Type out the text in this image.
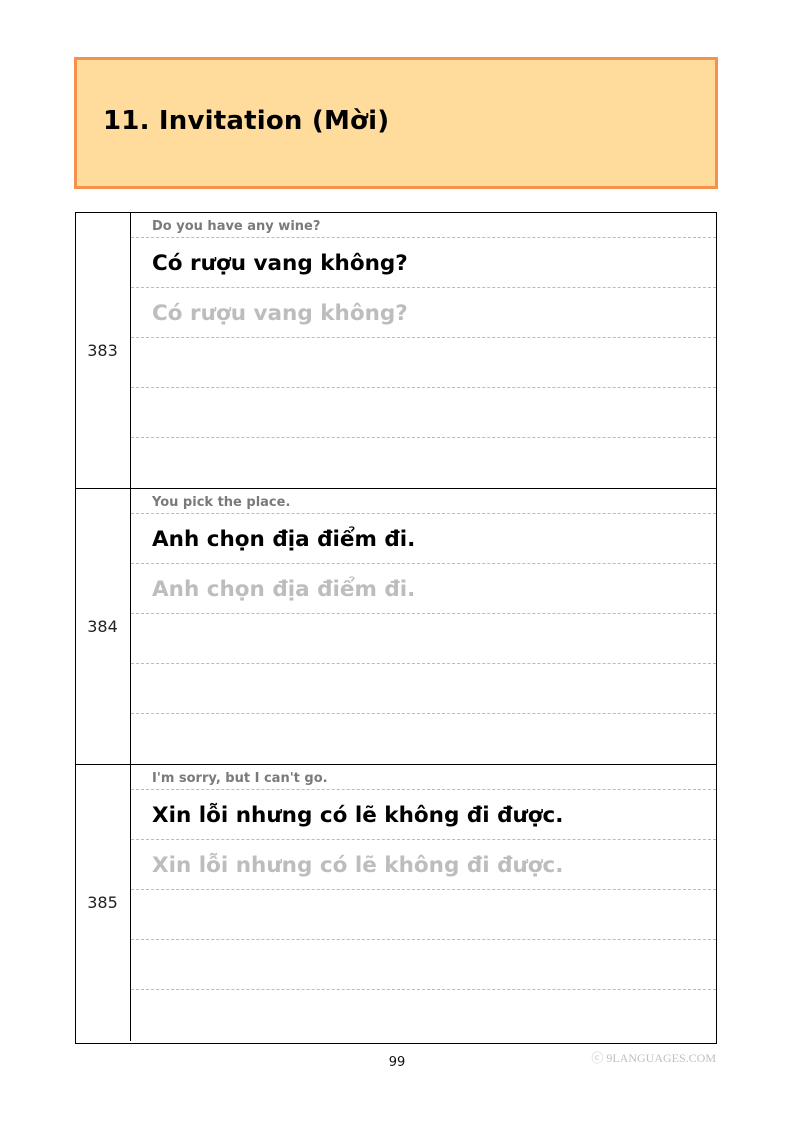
11. Invitation (Mời)
383
Do you have any wine?
Có rượu vang không?
Có rượu vang không?
384
You pick the place.
Anh chọn địa điểm đi.
Anh chọn địa điểm đi.
385
I'm sorry, but I can't go.
Xin lỗi nhưng có lẽ không đi được.
Xin lỗi nhưng có lẽ không đi được.
99	ⓒ 9LANGUAGES.COM
